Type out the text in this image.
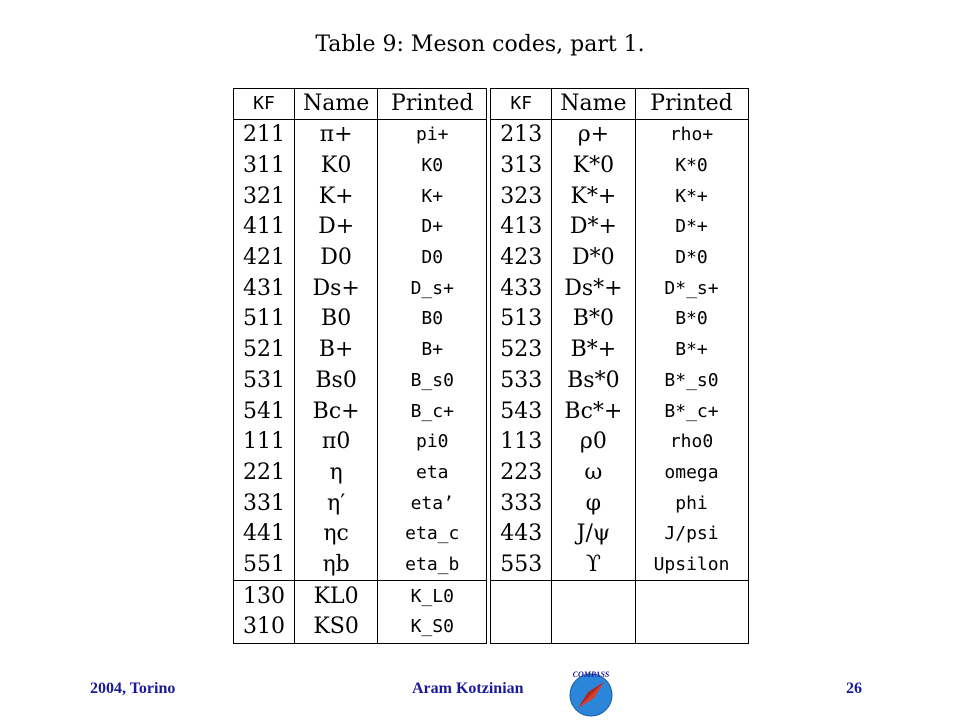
Table 9: Meson codes, part 1.
KF	Name	Printed		KF	Name	Printed
211	π+	pi+		213	ρ+	rho+
311	K0	K0		313	K*0	K*0
321	K+	K+		323	K*+	K*+
411	D+	D+		413	D*+	D*+
421	D0	D0		423	D*0	D*0
431	Ds+	D_s+		433	Ds*+	D*_s+
511	B0	B0		513	B*0	B*0
521	B+	B+		523	B*+	B*+
531	Bs0	B_s0		533	Bs*0	B*_s0
541	Bc+	B_c+		543	Bc*+	B*_c+
111	π0	pi0		113	ρ0	rho0
221	η	eta		223	ω	omega
331	η′	eta’		333	φ	phi
441	ηc	eta_c		443	J/ψ	J/psi
551	ηb	eta_b		553	ϒ	Upsilon
130	KL0	K_L0				
310	KS0	K_S0				
2004, Torino	Aram Kotzinian
COMPASS
26
